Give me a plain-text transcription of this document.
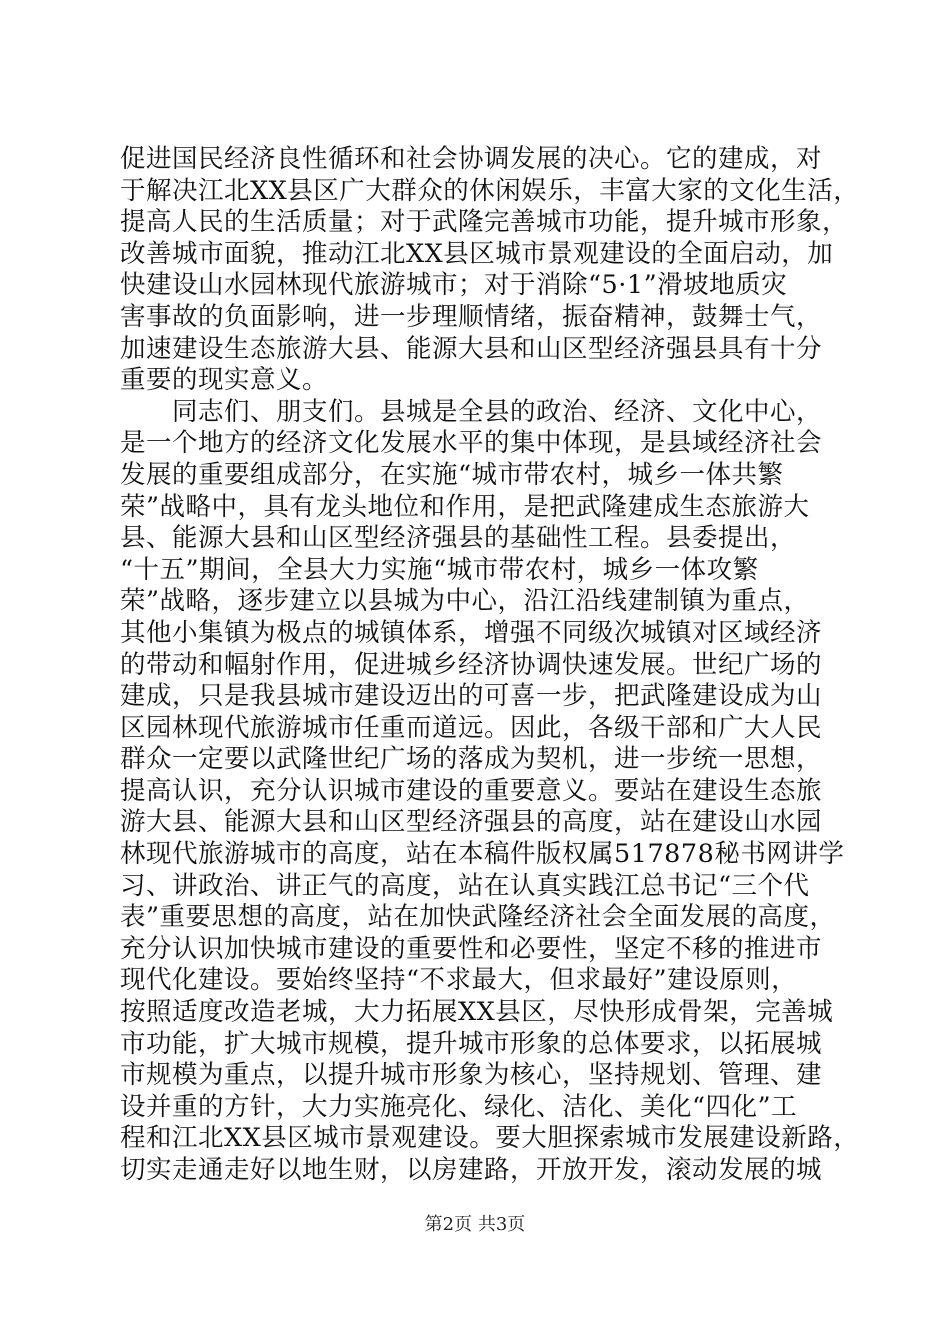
促进国民经济良性循环和社会协调发展的决心。它的建成，对
于解决江北XX县区广大群众的休闲娱乐，丰富大家的文化生活，
提高人民的生活质量；对于武隆完善城市功能，提升城市形象，
改善城市面貌，推动江北XX县区城市景观建设的全面启动，加
快建设山水园林现代旅游城市；对于消除“5·1”滑坡地质灾
害事故的负面影响，进一步理顺情绪，振奋精神，鼓舞士气，
加速建设生态旅游大县、能源大县和山区型经济强县具有十分
重要的现实意义。
同志们、朋支们。县城是全县的政治、经济、文化中心，
是一个地方的经济文化发展水平的集中体现，是县域经济社会
发展的重要组成部分，在实施“城市带农村，城乡一体共繁
荣”战略中，具有龙头地位和作用，是把武隆建成生态旅游大
县、能源大县和山区型经济强县的基础性工程。县委提出，
“十五”期间，全县大力实施“城市带农村，城乡一体攻繁
荣”战略，逐步建立以县城为中心，沿江沿线建制镇为重点，
其他小集镇为极点的城镇体系，增强不同级次城镇对区域经济
的带动和幅射作用，促进城乡经济协调快速发展。世纪广场的
建成，只是我县城市建设迈出的可喜一步，把武隆建设成为山
区园林现代旅游城市任重而道远。因此，各级干部和广大人民
群众一定要以武隆世纪广场的落成为契机，进一步统一思想，
提高认识，充分认识城市建设的重要意义。要站在建设生态旅
游大县、能源大县和山区型经济强县的高度，站在建设山水园
林现代旅游城市的高度，站在本稿件版权属517878秘书网讲学
习、讲政治、讲正气的高度，站在认真实践江总书记“三个代
表”重要思想的高度，站在加快武隆经济社会全面发展的高度，
充分认识加快城市建设的重要性和必要性，坚定不移的推进市
现代化建设。要始终坚持“不求最大，但求最好”建设原则，
按照适度改造老城，大力拓展XX县区，尽快形成骨架，完善城
市功能，扩大城市规模，提升城市形象的总体要求，以拓展城
市规模为重点，以提升城市形象为核心，坚持规划、管理、建
设并重的方针，大力实施亮化、绿化、洁化、美化“四化”工
程和江北XX县区城市景观建设。要大胆探索城市发展建设新路，
切实走通走好以地生财，以房建路，开放开发，滚动发展的城
第2页 共3页
